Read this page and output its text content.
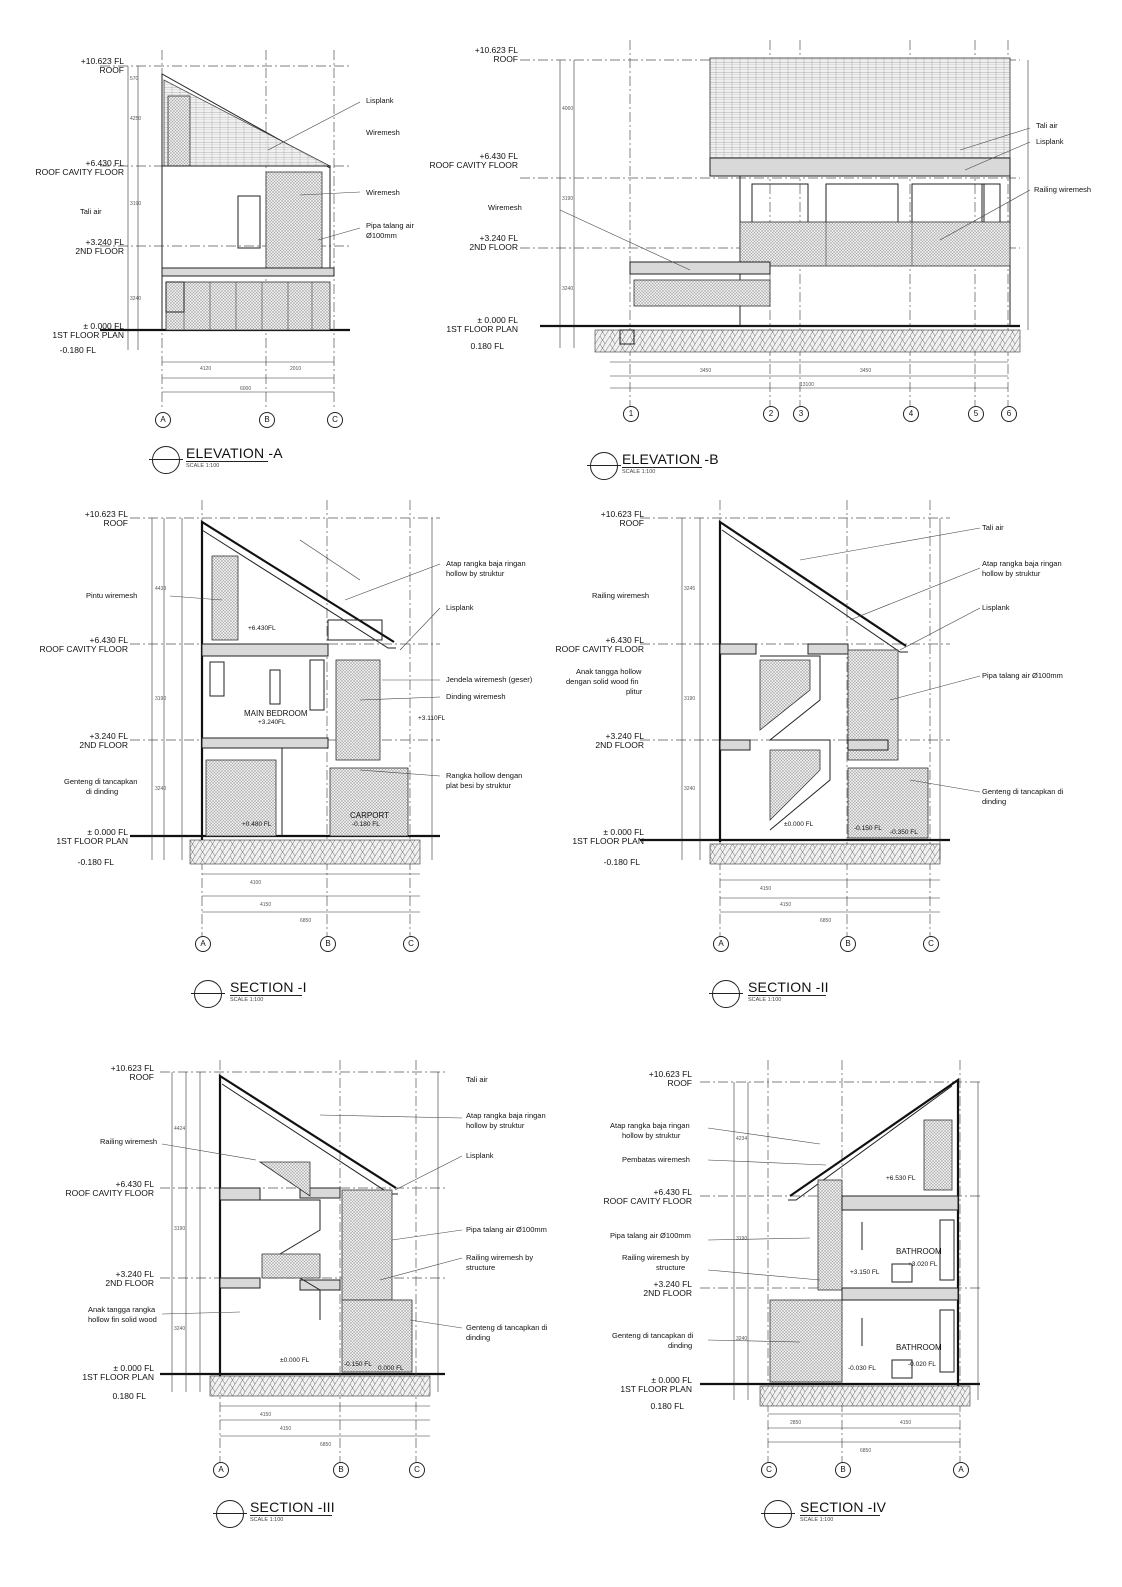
570
4250
3190
3240
4120	2010
6000
4060
3190
3240
3450	3450
13100
4433
3190
3240
4100
4150
6850
3245
3190
3240
4150
4150
6850
4424
3190
3240
4150
4150
6850
4234
3190
3240
2850	4150
6850
+10.623 FL
ROOF
+6.430 FL
ROOF CAVITY FLOOR
+3.240 FL
2ND FLOOR
± 0.000 FL
1ST FLOOR PLAN
-0.180 FL
Lisplank
Wiremesh
Wiremesh
Pipa talang air
Ø100mm
Tali air
A	B	C
ELEVATION -A
SCALE 1:100
+10.623 FL
ROOF
+6.430 FL
ROOF CAVITY FLOOR
+3.240 FL
2ND FLOOR
± 0.000 FL
1ST FLOOR PLAN
0.180 FL
Tali air
Lisplank
Railing wiremesh
Wiremesh
1	2	3	4	5	6
ELEVATION -B
SCALE 1:100
+10.623 FL
ROOF
+6.430 FL
ROOF CAVITY FLOOR
+3.240 FL
2ND FLOOR
± 0.000 FL
1ST FLOOR PLAN
-0.180 FL
Pintu wiremesh
Genteng di tancapkan
di dinding
Atap rangka baja ringan
hollow by struktur
Lisplank
Jendela wiremesh (geser)
Dinding wiremesh
Rangka hollow dengan
plat besi by struktur
MAIN BEDROOM
CARPORT
+6.430FL
+3.240FL
+0.480 FL	-0.180 FL
+3.110FL
A	B	C
SECTION -I
SCALE 1:100
+10.623 FL
ROOF
+6.430 FL
ROOF CAVITY FLOOR
+3.240 FL
2ND FLOOR
± 0.000 FL
1ST FLOOR PLAN
-0.180 FL
Railing wiremesh
Anak tangga hollow
dengan solid wood fin
plitur
Tali air
Atap rangka baja ringan
hollow by struktur
Lisplank
Pipa talang air Ø100mm
Genteng di tancapkan di
dinding
±0.000 FL
-0.150 FL
-0.350 FL
A	B	C
SECTION -II
SCALE 1:100
+10.623 FL
ROOF
+6.430 FL
ROOF CAVITY FLOOR
+3.240 FL
2ND FLOOR
± 0.000 FL
1ST FLOOR PLAN
0.180 FL
Railing wiremesh
Anak tangga rangka
hollow fin solid wood
Tali air
Atap rangka baja ringan
hollow by struktur
Lisplank
Pipa talang air Ø100mm
Railing wiremesh by
structure
Genteng di tancapkan di
dinding
±0.000 FL
-0.150 FL
0.000 FL
A	B	C
SECTION -III
SCALE 1:100
+10.623 FL
ROOF
+6.430 FL
ROOF CAVITY FLOOR
+3.240 FL
2ND FLOOR
± 0.000 FL
1ST FLOOR PLAN
0.180 FL
Atap rangka baja ringan
hollow by struktur
Pembatas wiremesh
Pipa talang air Ø100mm
Railing wiremesh by
structure
Genteng di tancapkan di
dinding
BATHROOM
BATHROOM
+6.530 FL
+3.150 FL
+3.020 FL
-0.030 FL
-0.020 FL
C	B	A
SECTION -IV
SCALE 1:100
